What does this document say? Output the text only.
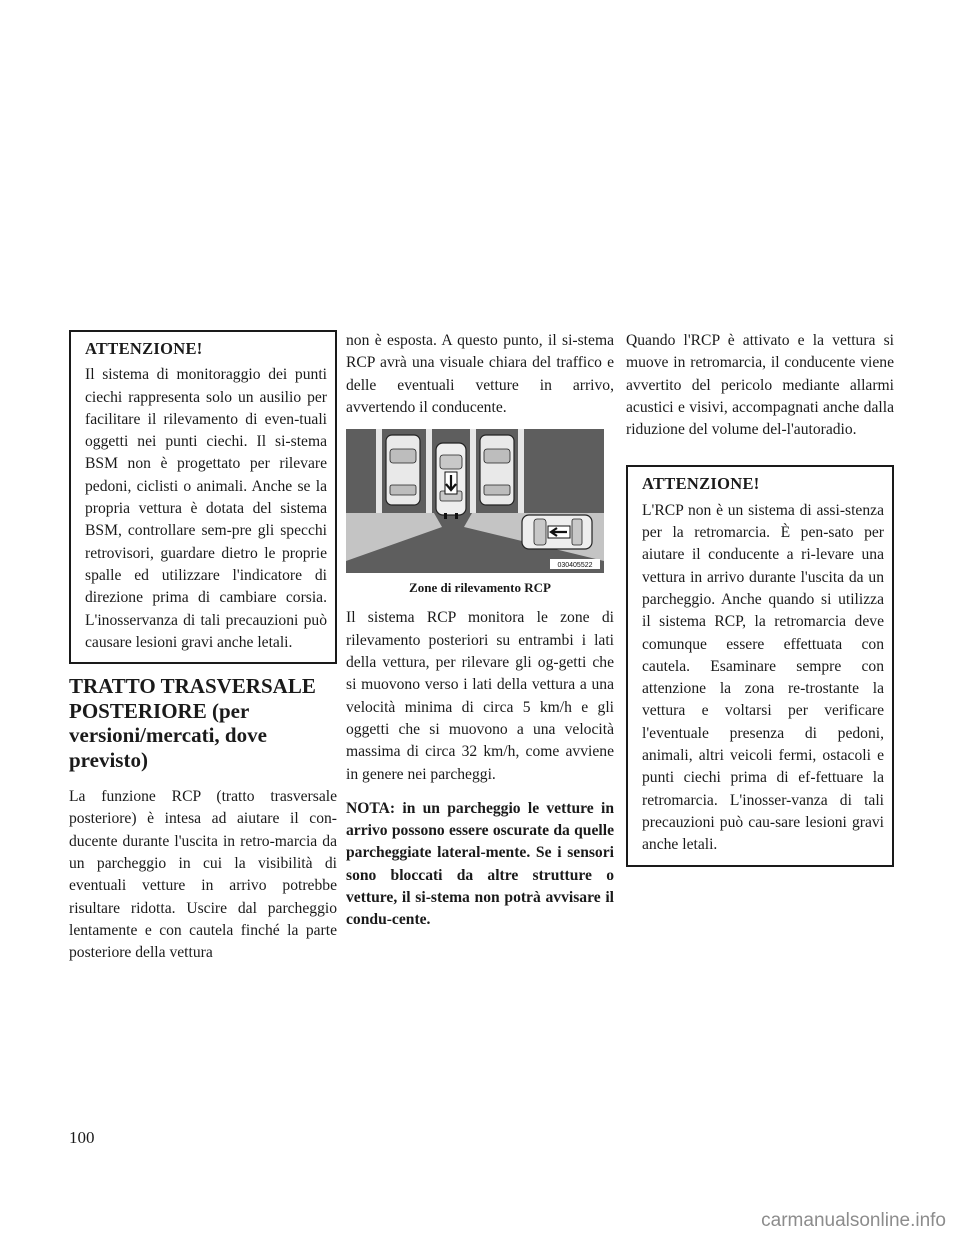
ATTENZIONE!

Il sistema di monitoraggio dei punti ciechi rappresenta solo un ausilio per facilitare il rilevamento di even-tuali oggetti nei punti ciechi. Il si-stema BSM non è progettato per rilevare pedoni, ciclisti o animali. Anche se la propria vettura è dotata del sistema BSM, controllare sem-pre gli specchi retrovisori, guardare dietro le proprie spalle ed utilizzare l'indicatore di direzione prima di cambiare corsia. L'inosservanza di tali precauzioni può causare lesioni gravi anche letali.

TRATTO TRASVERSALE POSTERIORE (per versioni/mercati, dove previsto)

La funzione RCP (tratto trasversale posteriore) è intesa ad aiutare il con-ducente durante l'uscita in retro-marcia da un parcheggio in cui la visibilità di eventuali vetture in arrivo potrebbe risultare ridotta. Uscire dal parcheggio lentamente e con cautela finché la parte posteriore della vettura

non è esposta. A questo punto, il si-stema RCP avrà una visuale chiara del traffico e delle eventuali vetture in arrivo, avvertendo il conducente.

030405522
Zone di rilevamento RCP

Il sistema RCP monitora le zone di rilevamento posteriori su entrambi i lati della vettura, per rilevare gli og-getti che si muovono verso i lati della vettura a una velocità minima di circa 5 km/h e gli oggetti che si muovono a una velocità massima di circa 32 km/h, come avviene in genere nei parcheggi.

NOTA: in un parcheggio le vetture in arrivo possono essere oscurate da quelle parcheggiate lateral-mente. Se i sensori sono bloccati da altre strutture o vetture, il si-stema non potrà avvisare il condu-cente.

Quando l'RCP è attivato e la vettura si muove in retromarcia, il conducente viene avvertito del pericolo mediante allarmi acustici e visivi, accompagnati anche dalla riduzione del volume del-l'autoradio.

ATTENZIONE!

L'RCP non è un sistema di assi-stenza per la retromarcia. È pen-sato per aiutare il conducente a ri-levare una vettura in arrivo durante l'uscita da un parcheggio. Anche quando si utilizza il sistema RCP, la retromarcia deve comunque essere effettuata con cautela. Esaminare sempre con attenzione la zona re-trostante la vettura e voltarsi per verificare l'eventuale presenza di pedoni, animali, altri veicoli fermi, ostacoli e punti ciechi prima di ef-fettuare la retromarcia. L'inosser-vanza di tali precauzioni può cau-sare lesioni gravi anche letali.

100
carmanualsonline.info
